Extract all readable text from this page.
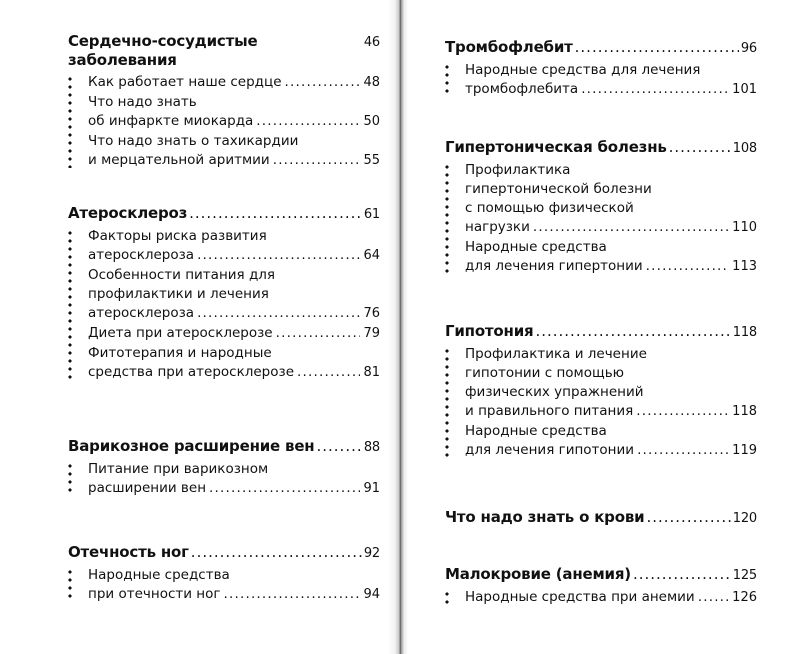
Сердечно-сосудистые заболевания
46
Как работает наше сердце .....	48
Что надо знать
об инфаркте миокарда .....	50
Что надо знать о тахикардии
и мерцательной аритмии .....	55
Атеросклероз .....	61
Факторы риска развития
атеросклероза .....	64
Особенности питания для
профилактики и лечения
атеросклероза .....	76
Диета при атеросклерозе .....	79
Фитотерапия и народные
средства при атеросклерозе .....	81
Варикозное расширение вен .....	88
Питание при варикозном
расширении вен .....	91
Отечность ног .....	92
Народные средства
при отечности ног .....	94
Тромбофлебит .....	96
Народные средства для лечения
тромбофлебита .....	101
Гипертоническая болезнь .....	108
Профилактика
гипертонической болезни
с помощью физической
нагрузки .....	110
Народные средства
для лечения гипертонии .....	113
Гипотония .....	118
Профилактика и лечение
гипотонии с помощью
физических упражнений
и правильного питания .....	118
Народные средства
для лечения гипотонии .....	119
Что надо знать о крови .....	120
Малокровие (анемия) .....	125
Народные средства при анемии .....	126
